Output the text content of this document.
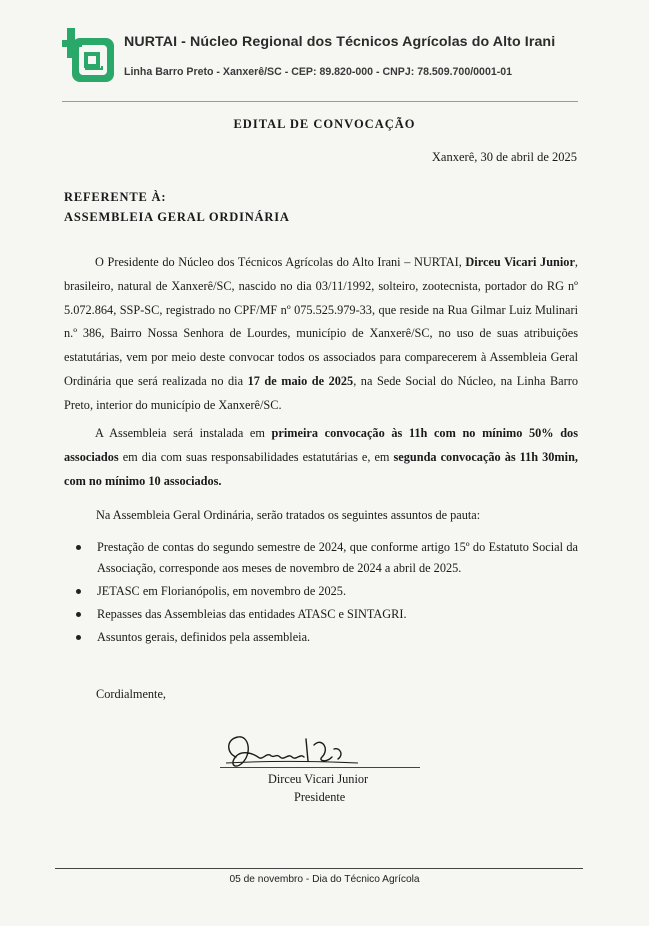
NURTAI - Núcleo Regional dos Técnicos Agrícolas do Alto Irani
Linha Barro Preto - Xanxerê/SC - CEP: 89.820-000 - CNPJ: 78.509.700/0001-01
EDITAL DE CONVOCAÇÃO
Xanxerê, 30 de abril de 2025
REFERENTE À:
ASSEMBLEIA GERAL ORDINÁRIA
O Presidente do Núcleo dos Técnicos Agrícolas do Alto Irani – NURTAI, Dirceu Vicari Junior, brasileiro, natural de Xanxerê/SC, nascido no dia 03/11/1992, solteiro, zootecnista, portador do RG nº 5.072.864, SSP-SC, registrado no CPF/MF nº 075.525.979-33, que reside na Rua Gilmar Luiz Mulinari n.º 386, Bairro Nossa Senhora de Lourdes, município de Xanxerê/SC, no uso de suas atribuições estatutárias, vem por meio deste convocar todos os associados para comparecerem à Assembleia Geral Ordinária que será realizada no dia 17 de maio de 2025, na Sede Social do Núcleo, na Linha Barro Preto, interior do município de Xanxerê/SC.
A Assembleia será instalada em primeira convocação às 11h com no mínimo 50% dos associados em dia com suas responsabilidades estatutárias e, em segunda convocação às 11h 30min, com no mínimo 10 associados.
Na Assembleia Geral Ordinária, serão tratados os seguintes assuntos de pauta:
Prestação de contas do segundo semestre de 2024, que conforme artigo 15º do Estatuto Social da Associação, corresponde aos meses de novembro de 2024 a abril de 2025.
JETASC em Florianópolis, em novembro de 2025.
Repasses das Assembleias das entidades ATASC e SINTAGRI.
Assuntos gerais, definidos pela assembleia.
Cordialmente,
Dirceu Vicari Junior
Presidente
05 de novembro - Dia do Técnico Agrícola
